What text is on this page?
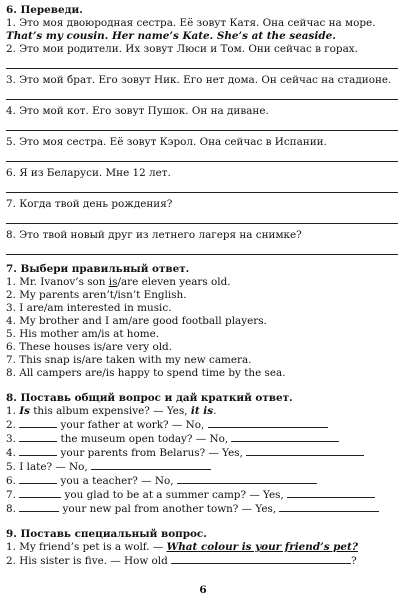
6. Переведи.
1. Это моя двоюродная сестра. Её зовут Катя. Она сейчас на море.
That’s my cousin. Her name’s Kate. She’s at the seaside.
2. Это мои родители. Их зовут Люси и Том. Они сейчас в горах.
3. Это мой брат. Его зовут Ник. Его нет дома. Он сейчас на стадионе.
4. Это мой кот. Его зовут Пушок. Он на диване.
5. Это моя сестра. Её зовут Кэрол. Она сейчас в Испании.
6. Я из Беларуси. Мне 12 лет.
7. Когда твой день рождения?
8. Это твой новый друг из летнего лагеря на снимке?
7. Выбери правильный ответ.
1. Mr. Ivanov’s son is/are eleven years old.
2. My parents aren’t/isn’t English.
3. I are/am interested in music.
4. My brother and I am/are good football players.
5. His mother am/is at home.
6. These houses is/are very old.
7. This snap is/are taken with my new camera.
8. All campers are/is happy to spend time by the sea.
8. Поставь общий вопрос и дай краткий ответ.
1. Is this album expensive? — Yes, it is.
2.	your father at work? — No,
3.	the museum open today? — No,
4.	your parents from Belarus? — Yes,
5. I late? — No,
6.	you a teacher? — No,
7.	you glad to be at a summer camp? — Yes,
8.	your new pal from another town? — Yes,
9. Поставь специальный вопрос.
1. My friend’s pet is a wolf. — What colour is your friend’s pet?
2. His sister is five. — How old	?
6
